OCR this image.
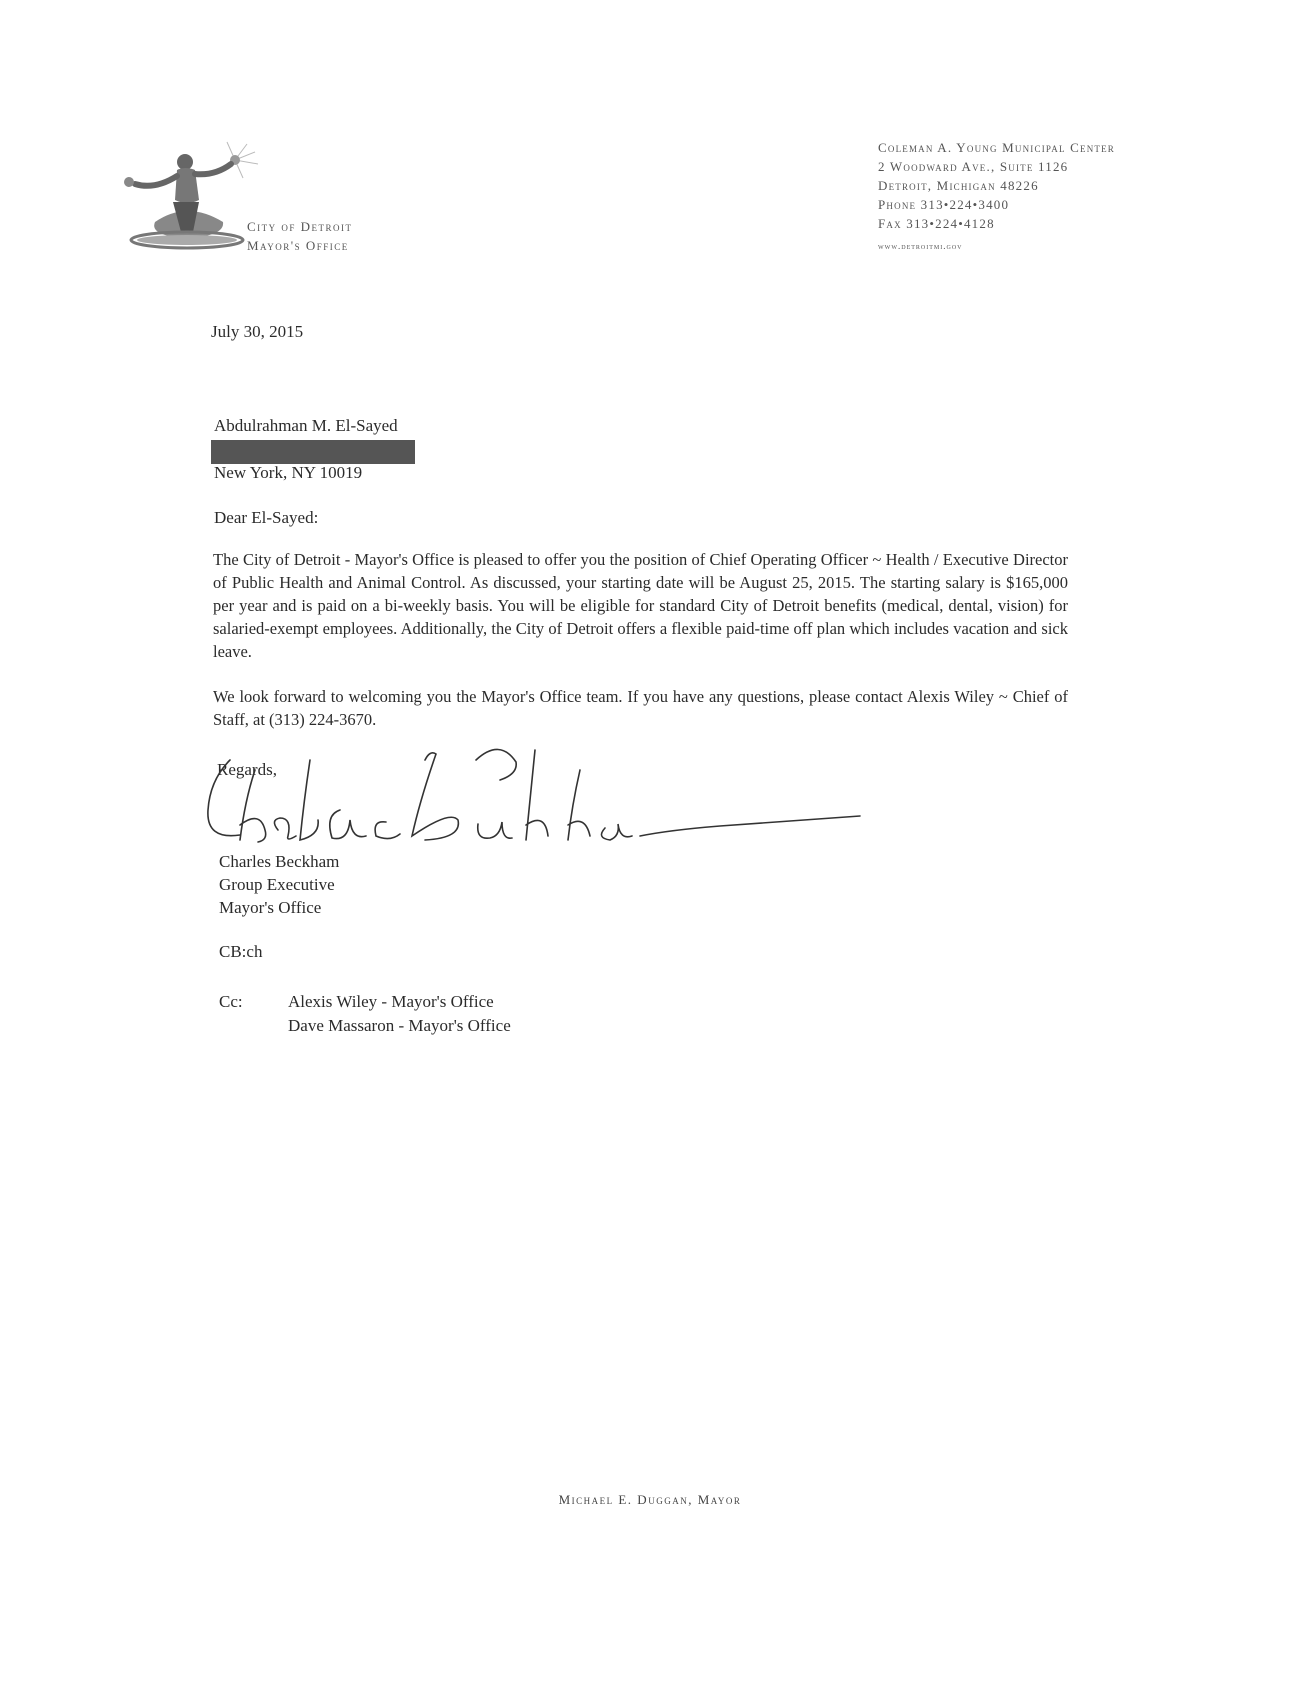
City of Detroit
Mayor's Office
Coleman A. Young Municipal Center
2 Woodward Ave., Suite 1126
Detroit, Michigan 48226
Phone 313•224•3400
Fax 313•224•4128
www.detroitmi.gov
July 30, 2015
Abdulrahman M. El-Sayed
New York, NY 10019
Dear El-Sayed:
The City of Detroit - Mayor's Office is pleased to offer you the position of Chief Operating Officer ~ Health / Executive Director of Public Health and Animal Control. As discussed, your starting date will be August 25, 2015. The starting salary is $165,000 per year and is paid on a bi-weekly basis. You will be eligible for standard City of Detroit benefits (medical, dental, vision) for salaried-exempt employees. Additionally, the City of Detroit offers a flexible paid-time off plan which includes vacation and sick leave.
We look forward to welcoming you the Mayor's Office team. If you have any questions, please contact Alexis Wiley ~ Chief of Staff, at (313) 224-3670.
Regards,
Charles Beckham
Group Executive
Mayor's Office
CB:ch
Cc:	Alexis Wiley - Mayor's Office
Dave Massaron - Mayor's Office
Michael E. Duggan, Mayor
